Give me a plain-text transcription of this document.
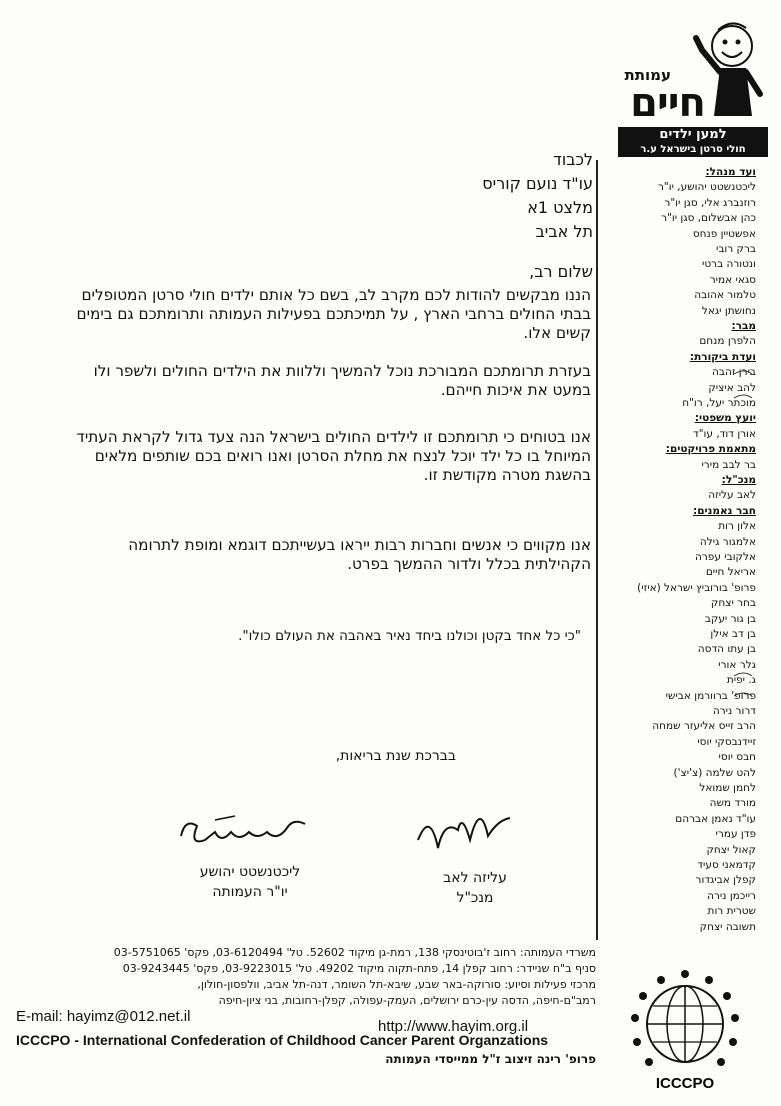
עמותת
חיים
למען ילדים
חולי סרטן בישראל ע.ר
ועד מנהל:
ליכטנשטט יהושע, יו"ר
רוזנברג אלי, סגן יו"ר
כהן אבשלום, סגן יו"ר
אפשטיין פנחס
ברק רובי
ונטורה ברטי
סגאי אמיר
טלמור אהובה
נחושתן יגאל
מבר:
הלפרן מנחם
ועדת ביקורת:
בירן זהבה
להב איציק
מוכתר יעל, רו"ח
יועץ משפטי:
אורן דוד, עו"ד
מתאמת פרויקטים:
בר לבב מירי
מנכ"ל:
לאב עליזה
חבר נאמנים:
אלון רות
אלמגור גילה
אלקובי עפרה
אריאל חיים
פרופ' בורוביץ ישראל (איזי)
בחר יצחק
בן גור יעקב
בן דב אילן
בן עתו הדסה
גלר אורי
ג. יפית
פרופ' ברוורמן אבישי
דרור נירה
הרב זייס אליעזר שמחה
זיידנבסקי יוסי
חבס יוסי
להט שלמה (צ'יצ')
לחמן שמואל
מורד משה
עו"ד נאמן אברהם
פדן עמרי
קאול יצחק
קדמאני סעיד
קפלן אביגדור
רייכמן נירה
שטרית רות
תשובה יצחק
לכבוד
עו"ד נועם קוריס
מלצט 1א
תל אביב
שלום רב,
הננו מבקשים להודות לכם מקרב לב, בשם כל אותם ילדים חולי סרטן המטופלים בבתי החולים ברחבי הארץ , על תמיכתכם בפעילות העמותה ותרומתכם גם בימים קשים אלו.
בעזרת תרומתכם המבורכת נוכל להמשיך וללוות את הילדים החולים ולשפר ולו במעט את איכות חייהם.
אנו בטוחים כי תרומתכם זו לילדים החולים בישראל הנה צעד גדול לקראת העתיד המיוחל בו כל ילד יוכל לנצח את מחלת הסרטן ואנו רואים בכם שותפים מלאים בהשגת מטרה מקודשת זו.
אנו מקווים כי אנשים וחברות רבות ייראו בעשייתכם דוגמא ומופת לתרומה הקהילתית בכלל ולדור ההמשך בפרט.
"כי כל אחד בקטן וכולנו ביחד נאיר באהבה את העולם כולו".
בברכת שנת בריאות,
עליזה לאב
מנכ"ל
ליכטנשטט יהושע
יו"ר העמותה
משרדי העמותה: רחוב ז'בוטינסקי 138, רמת-גן מיקוד 52602. טל' 03-6120494, פקס' 03-5751065
סניף ב"ח שניידר: רחוב קפלן 14, פתח-תקוה מיקוד 49202. טל' 03-9223015, פקס' 03-9243445
מרכזי פעילות וסיוע: סורוקה-באר שבע, שיבא-תל השומר, דנה-תל אביב, וולפסון-חולון,
רמב"ם-חיפה, הדסה עין-כרם ירושלים, העמק-עפולה, קפלן-רחובות, בני ציון-חיפה
E-mail: hayimz@012.net.il
http://www.hayim.org.il
ICCCPO - International Confederation of Childhood Cancer Parent Organzations
פרופ' רינה זיצוב ז"ל ממייסדי העמותה
ICCCPO
